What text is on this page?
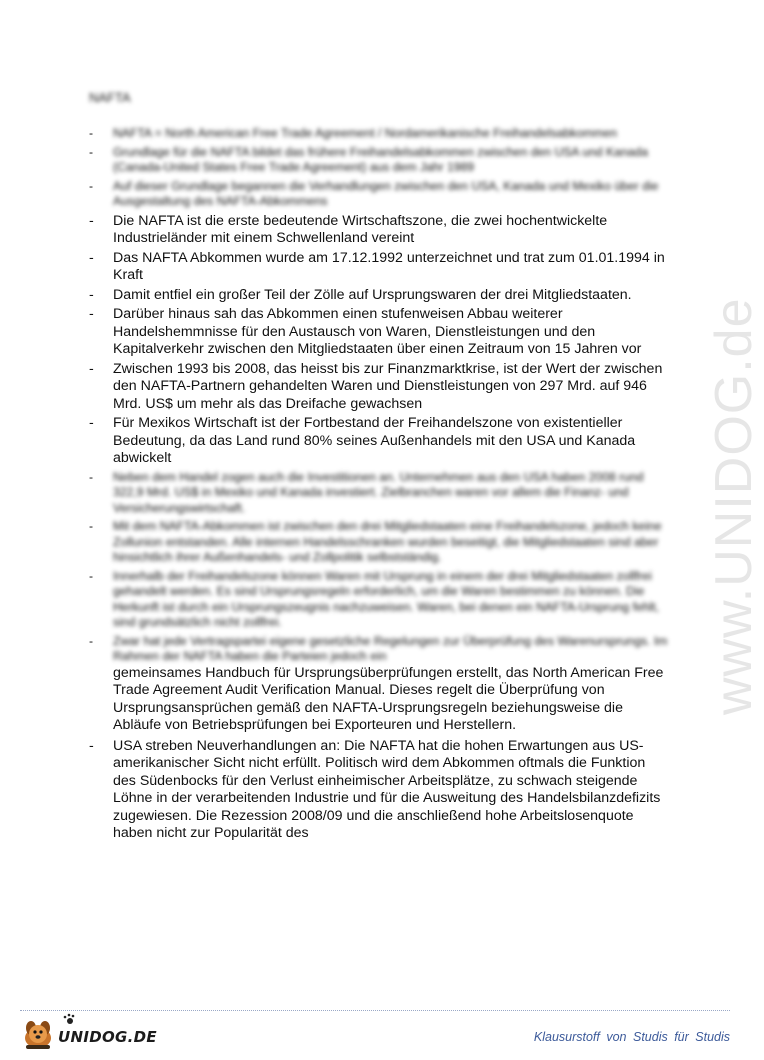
www.UNIDOG.de
NAFTA
- NAFTA = North American Free Trade Agreement / Nordamerikanische Freihandelsabkommen
- Grundlage für die NAFTA bildet das frühere Freihandelsabkommen zwischen den USA und Kanada (Canada-United States Free Trade Agreement) aus dem Jahr 1989
- Auf dieser Grundlage begannen die Verhandlungen zwischen den USA, Kanada und Mexiko über die Ausgestaltung des NAFTA-Abkommens
- Die NAFTA ist die erste bedeutende Wirtschaftszone, die zwei hochentwickelte Industrieländer mit einem Schwellenland vereint
- Das NAFTA Abkommen wurde am 17.12.1992 unterzeichnet und trat zum 01.01.1994 in Kraft
- Damit entfiel ein großer Teil der Zölle auf Ursprungswaren der drei Mitgliedstaaten.
- Darüber hinaus sah das Abkommen einen stufenweisen Abbau weiterer Handelshemmnisse für den Austausch von Waren, Dienstleistungen und den Kapitalverkehr zwischen den Mitgliedstaaten über einen Zeitraum von 15 Jahren vor
- Zwischen 1993 bis 2008, das heisst bis zur Finanzmarktkrise, ist der Wert der zwischen den NAFTA-Partnern gehandelten Waren und Dienstleistungen von 297 Mrd. auf 946 Mrd. US$ um mehr als das Dreifache gewachsen
- Für Mexikos Wirtschaft ist der Fortbestand der Freihandelszone von existentieller Bedeutung, da das Land rund 80% seines Außenhandels mit den USA und Kanada abwickelt
- Neben dem Handel zogen auch die Investitionen an. Unternehmen aus den USA haben 2008 rund 322,9 Mrd. US$ in Mexiko und Kanada investiert. Zielbranchen waren vor allem die Finanz- und Versicherungswirtschaft.
- Mit dem NAFTA-Abkommen ist zwischen den drei Mitgliedstaaten eine Freihandelszone, jedoch keine Zollunion entstanden. Alle internen Handelsschranken wurden beseitigt, die Mitgliedstaaten sind aber hinsichtlich ihrer Außenhandels- und Zollpolitik selbstständig.
- Innerhalb der Freihandelszone können Waren mit Ursprung in einem der drei Mitgliedstaaten zollfrei gehandelt werden. Es sind Ursprungsregeln erforderlich, um die Waren bestimmen zu können. Die Herkunft ist durch ein Ursprungszeugnis nachzuweisen. Waren, bei denen ein NAFTA-Ursprung fehlt, sind grundsätzlich nicht zollfrei.
- Zwar hat jede Vertragspartei eigene gesetzliche Regelungen zur Überprüfung des Warenursprungs. Im Rahmen der NAFTA haben die Parteien jedoch ein
gemeinsames Handbuch für Ursprungsüberprüfungen erstellt, das North American Free Trade Agreement Audit Verification Manual. Dieses regelt die Überprüfung von Ursprungsansprüchen gemäß den NAFTA-Ursprungsregeln beziehungsweise die Abläufe von Betriebsprüfungen bei Exporteuren und Herstellern.
- USA streben Neuverhandlungen an: Die NAFTA hat die hohen Erwartungen aus US-amerikanischer Sicht nicht erfüllt. Politisch wird dem Abkommen oftmals die Funktion des Südenbocks für den Verlust einheimischer Arbeitsplätze, zu schwach steigende Löhne in der verarbeitenden Industrie und für die Ausweitung des Handelsbilanzdefizits zugewiesen. Die Rezession 2008/09 und die anschließend hohe Arbeitslosenquote haben nicht zur Popularität des
UNIDOG.DE	Klausurstoff von Studis für Studis
